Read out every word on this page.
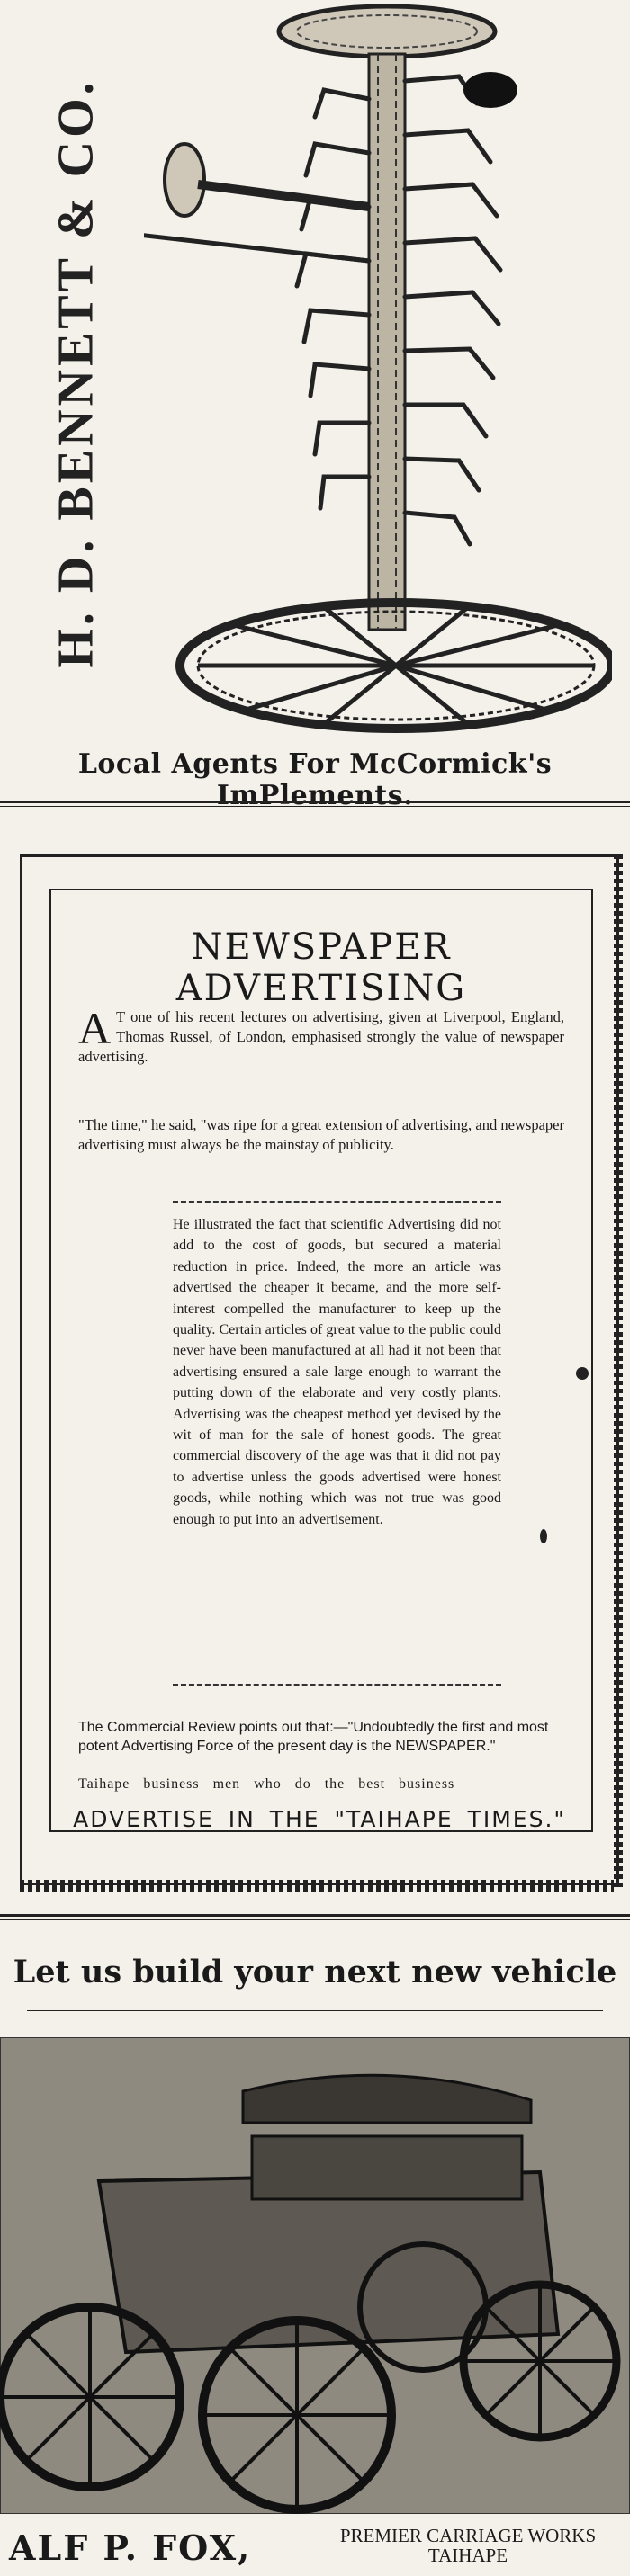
H. D. BENNETT & CO.
Local Agents For McCormick's ImPlements.
NEWSPAPER ADVERTISING
A T one of his recent lectures on advertising, given at Liverpool, England, Thomas Russel, of London, emphasised strongly the value of newspaper advertising.
"The time," he said, "was ripe for a great extension of advertising, and newspaper advertising must always be the mainstay of publicity.
He illustrated the fact that scientific Advertising did not add to the cost of goods, but secured a material reduction in price. Indeed, the more an article was advertised the cheaper it became, and the more self-interest compelled the manufacturer to keep up the quality. Certain articles of great value to the public could never have been manufactured at all had it not been that advertising ensured a sale large enough to warrant the putting down of the elaborate and very costly plants. Advertising was the cheapest method yet devised by the wit of man for the sale of honest goods. The great commercial discovery of the age was that it did not pay to advertise unless the goods advertised were honest goods, while nothing which was not true was good enough to put into an advertisement.
The Commercial Review points out that:—"Undoubtedly the first and most potent Advertising Force of the present day is the NEWSPAPER."
Taihape business men who do the best business
ADVERTISE IN THE "TAIHAPE TIMES."
Let us build your next new vehicle
ALF P. FOX,	PREMIER CARRIAGE WORKS
TAIHAPE
